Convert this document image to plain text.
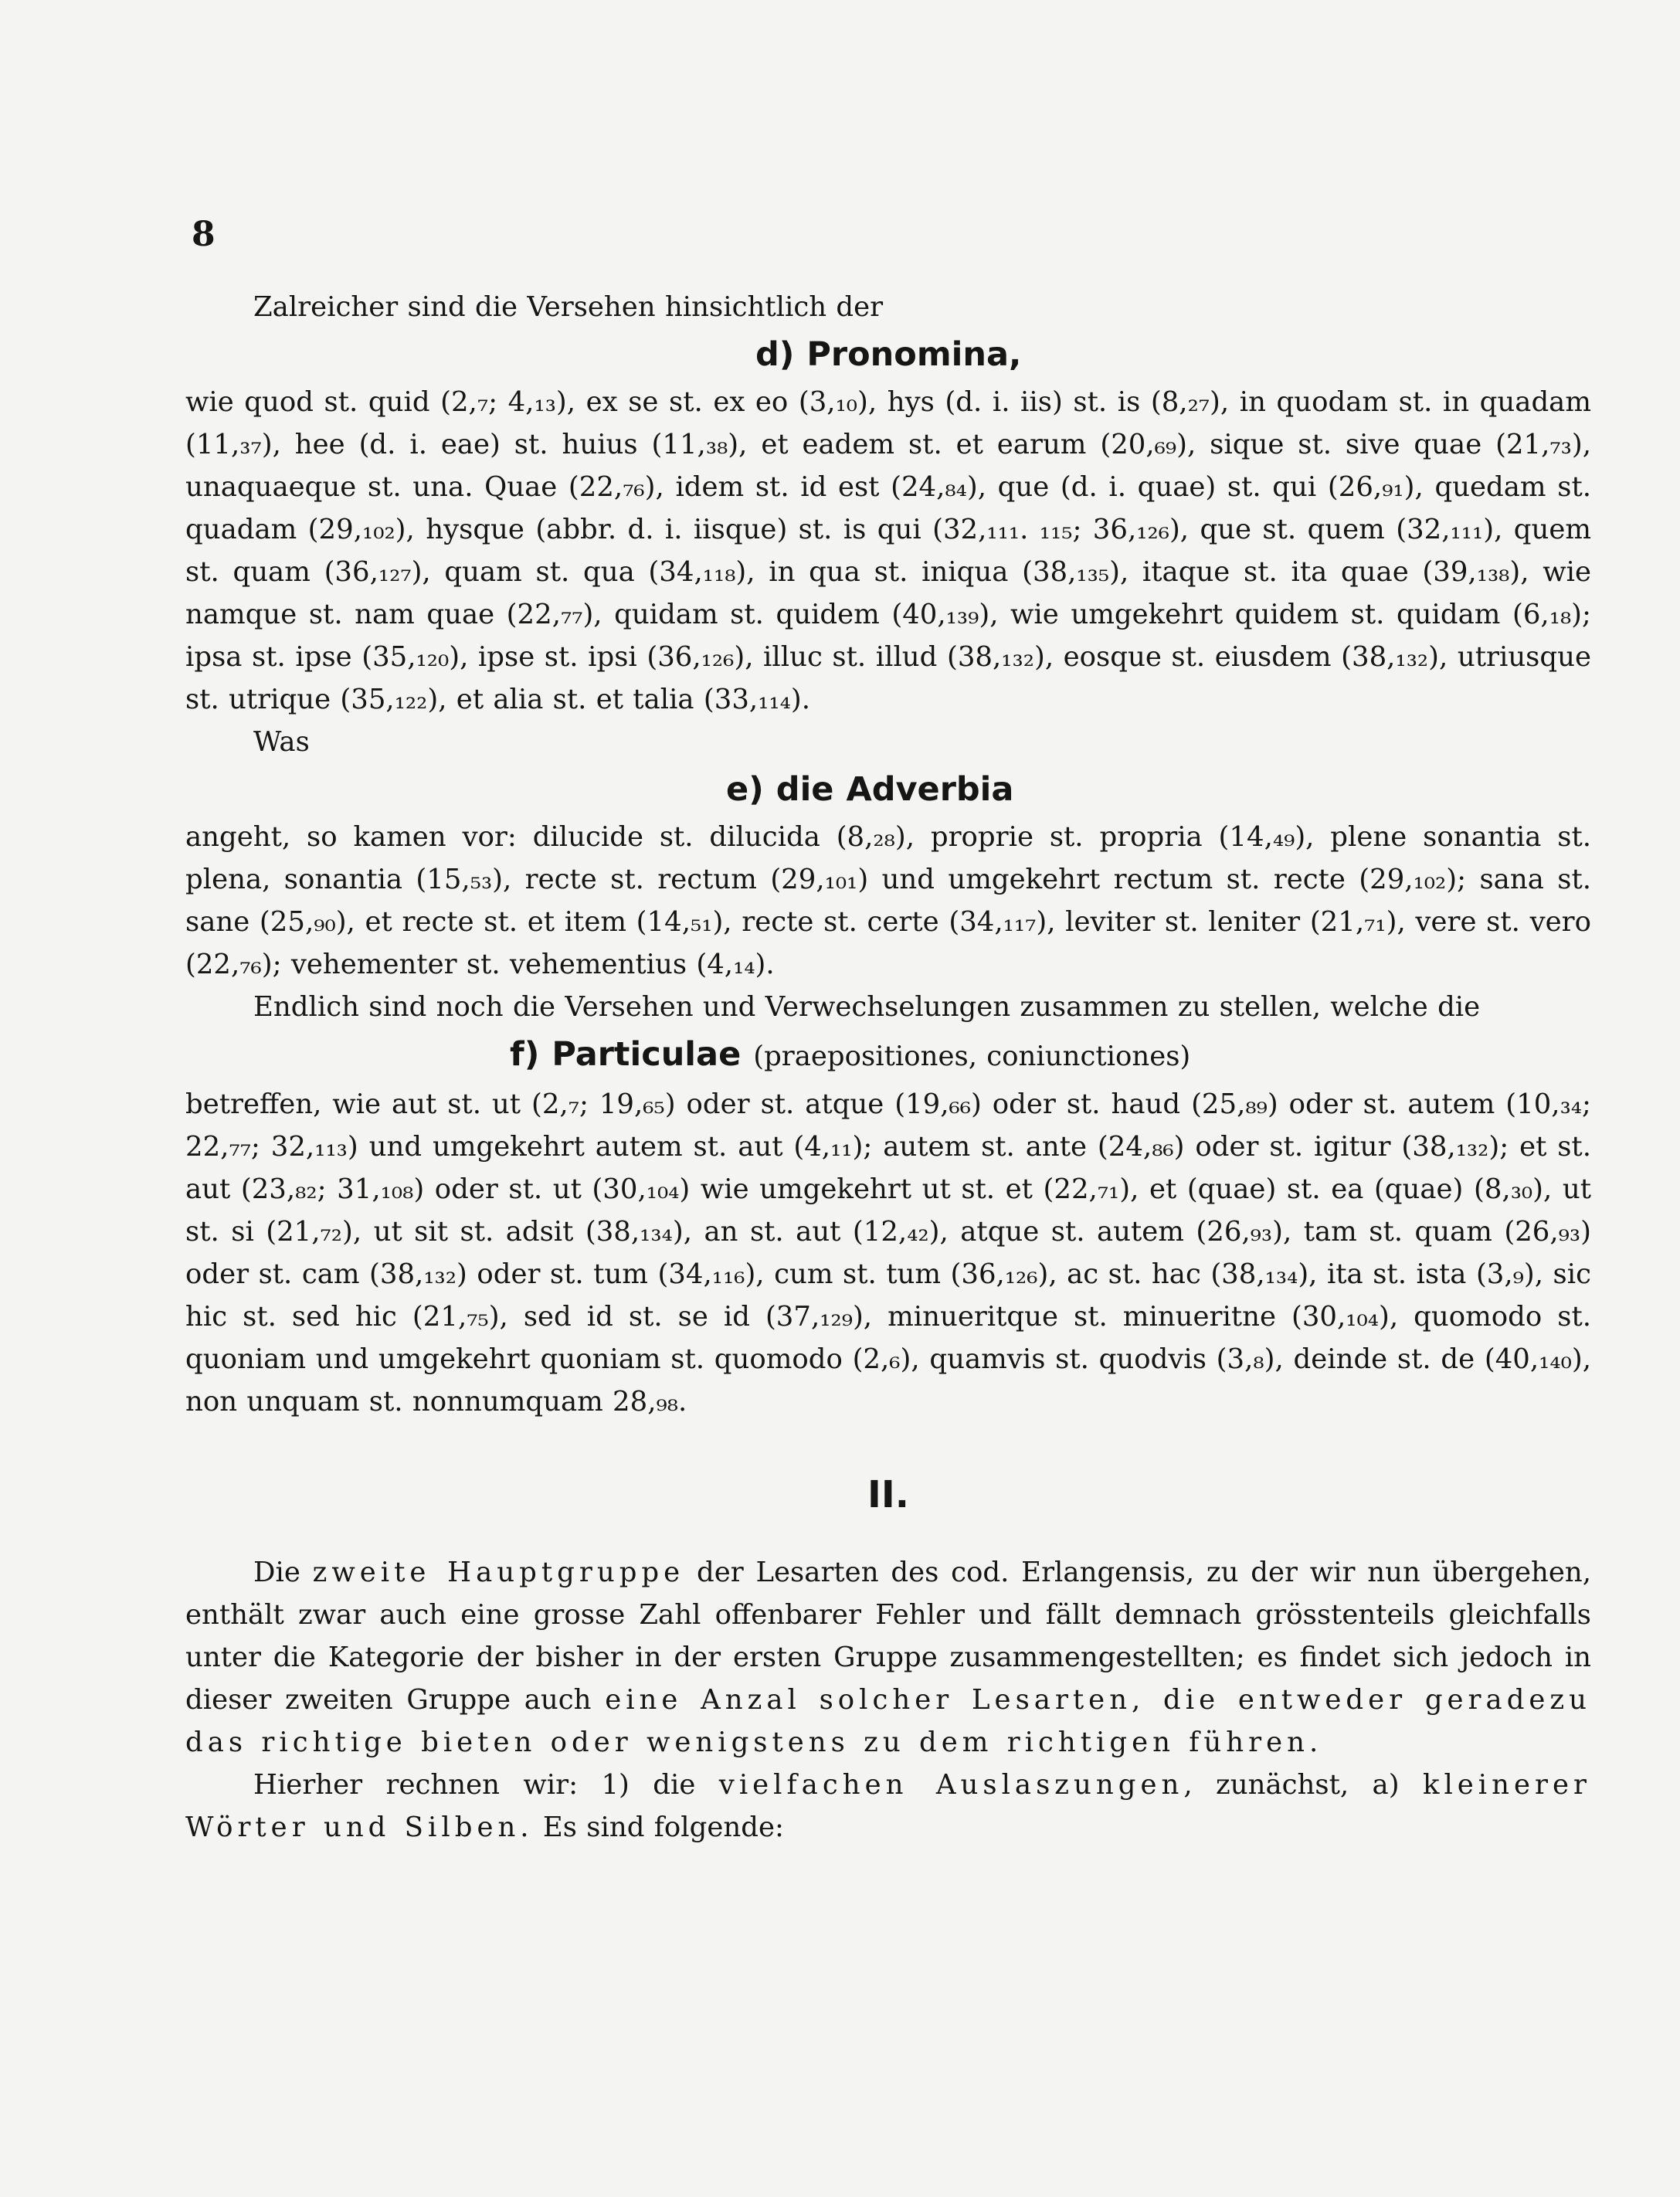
8

Zalreicher sind die Versehen hinsichtlich der

d) Pronomina,

wie quod st. quid (2,₇; 4,₁₃), ex se st. ex eo (3,₁₀), hys (d. i. iis) st. is (8,₂₇), in quodam st. in quadam (11,₃₇), hee (d. i. eae) st. huius (11,₃₈), et eadem st. et earum (20,₆₉), sique st. sive quae (21,₇₃), unaquaeque st. una. Quae (22,₇₆), idem st. id est (24,₈₄), que (d. i. quae) st. qui (26,₉₁), quedam st. quadam (29,₁₀₂), hysque (abbr. d. i. iisque) st. is qui (32,₁₁₁. ₁₁₅; 36,₁₂₆), que st. quem (32,₁₁₁), quem st. quam (36,₁₂₇), quam st. qua (34,₁₁₈), in qua st. iniqua (38,₁₃₅), itaque st. ita quae (39,₁₃₈), wie namque st. nam quae (22,₇₇), quidam st. quidem (40,₁₃₉), wie umgekehrt quidem st. quidam (6,₁₈); ipsa st. ipse (35,₁₂₀), ipse st. ipsi (36,₁₂₆), illuc st. illud (38,₁₃₂), eosque st. eiusdem (38,₁₃₂), utriusque st. utrique (35,₁₂₂), et alia st. et talia (33,₁₁₄).

Was

e) die Adverbia

angeht, so kamen vor: dilucide st. dilucida (8,₂₈), proprie st. propria (14,₄₉), plene sonantia st. plena, sonantia (15,₅₃), recte st. rectum (29,₁₀₁) und umgekehrt rectum st. recte (29,₁₀₂); sana st. sane (25,₉₀), et recte st. et item (14,₅₁), recte st. certe (34,₁₁₇), leviter st. leniter (21,₇₁), vere st. vero (22,₇₆); vehementer st. vehementius (4,₁₄).

Endlich sind noch die Versehen und Verwechselungen zusammen zu stellen, welche die

f) Particulae (praepositiones, coniunctiones)

betreffen, wie aut st. ut (2,₇; 19,₆₅) oder st. atque (19,₆₆) oder st. haud (25,₈₉) oder st. autem (10,₃₄; 22,₇₇; 32,₁₁₃) und umgekehrt autem st. aut (4,₁₁); autem st. ante (24,₈₆) oder st. igitur (38,₁₃₂); et st. aut (23,₈₂; 31,₁₀₈) oder st. ut (30,₁₀₄) wie umgekehrt ut st. et (22,₇₁), et (quae) st. ea (quae) (8,₃₀), ut st. si (21,₇₂), ut sit st. adsit (38,₁₃₄), an st. aut (12,₄₂), atque st. autem (26,₉₃), tam st. quam (26,₉₃) oder st. cam (38,₁₃₂) oder st. tum (34,₁₁₆), cum st. tum (36,₁₂₆), ac st. hac (38,₁₃₄), ita st. ista (3,₉), sic hic st. sed hic (21,₇₅), sed id st. se id (37,₁₂₉), minueritque st. minueritne (30,₁₀₄), quomodo st. quoniam und umgekehrt quoniam st. quomodo (2,₆), quamvis st. quodvis (3,₈), deinde st. de (40,₁₄₀), non unquam st. nonnumquam 28,₉₈.

II.

Die zweite Hauptgruppe der Lesarten des cod. Erlangensis, zu der wir nun übergehen, enthält zwar auch eine grosse Zahl offenbarer Fehler und fällt demnach grösstenteils gleichfalls unter die Kategorie der bisher in der ersten Gruppe zusammengestellten; es findet sich jedoch in dieser zweiten Gruppe auch eine Anzal solcher Lesarten, die entweder geradezu das richtige bieten oder wenigstens zu dem richtigen führen.

Hierher rechnen wir: 1) die vielfachen Auslaszungen, zunächst, a) kleinerer Wörter und Silben. Es sind folgende:
